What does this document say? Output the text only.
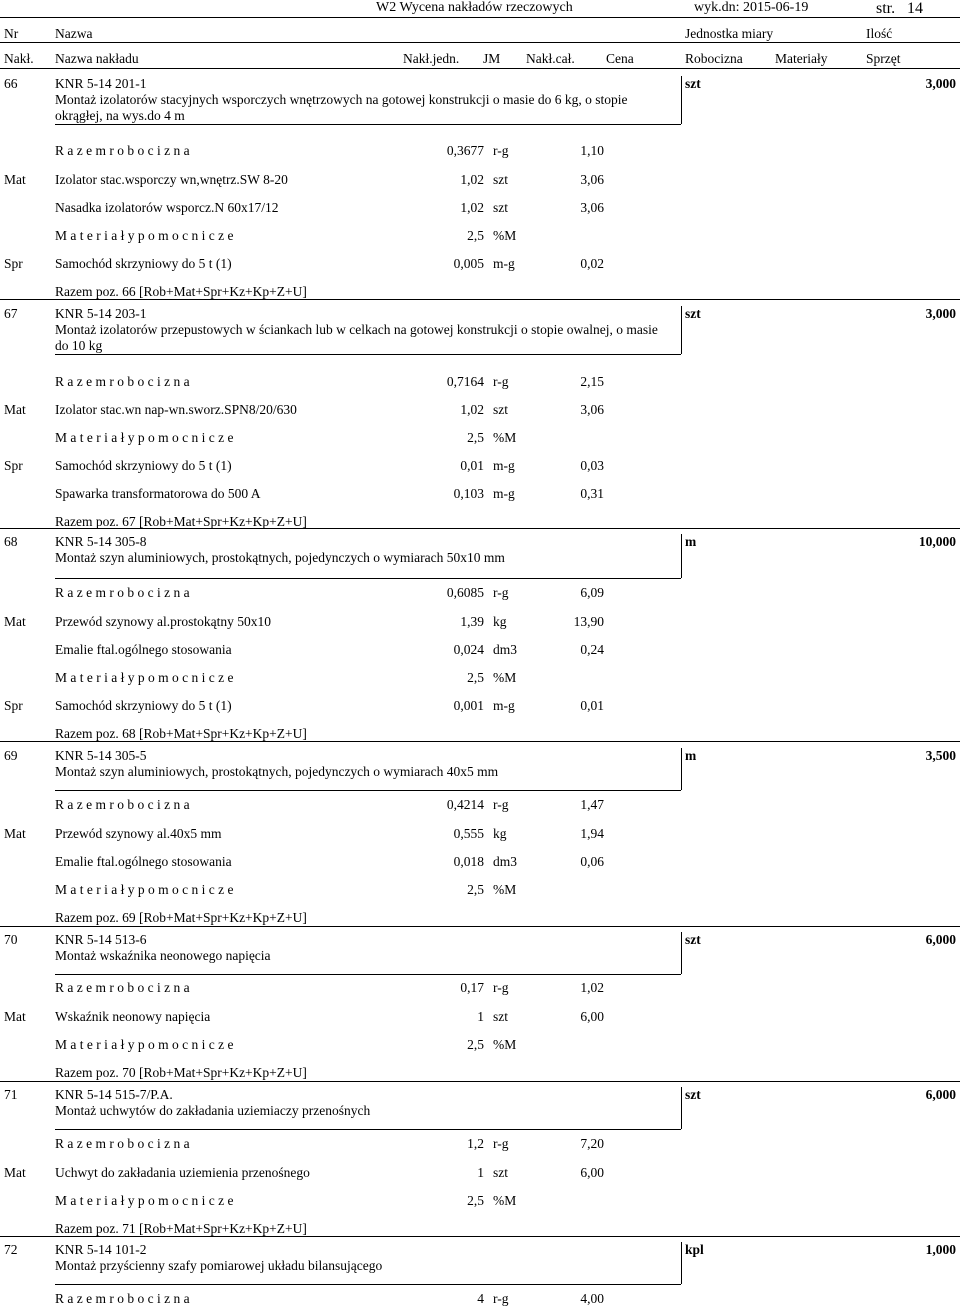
W2 Wycena nakładów rzeczowych	wyk.dn: 2015-06-19	str. 14
Nr	Nazwa	Jednostka miary	Ilość
Nakł. Nazwa nakładu	Nakł.jedn. JM Nakł.cał. Cena	Robocizna Materiały	Sprzęt
66	KNR 5-14 201-1	szt	3,000
Montaż izolatorów stacyjnych wsporczych wnętrzowych na gotowej konstrukcji o masie do 6 kg, o stopie
okrągłej, na wys.do 4 m
R a z e m r o b o c i z n a	0,3677 r-g	1,10
Mat Izolator stac.wsporczy wn,wnętrz.SW 8-20	1,02 szt	3,06
Nasadka izolatorów wsporcz.N 60x17/12	1,02 szt	3,06
M a t e r i a ł y p o m o c n i c z e	2,5 %M
Spr Samochód skrzyniowy do 5 t (1)	0,005 m-g	0,02
Razem poz. 66 [Rob+Mat+Spr+Kz+Kp+Z+U]
67	KNR 5-14 203-1	szt	3,000
Montaż izolatorów przepustowych w ściankach lub w celkach na gotowej konstrukcji o stopie owalnej, o masie
do 10 kg
R a z e m r o b o c i z n a	0,7164 r-g	2,15
Mat Izolator stac.wn nap-wn.sworz.SPN8/20/630	1,02 szt	3,06
M a t e r i a ł y p o m o c n i c z e	2,5 %M
Spr Samochód skrzyniowy do 5 t (1)	0,01 m-g	0,03
Spawarka transformatorowa do 500 A	0,103 m-g	0,31
Razem poz. 67 [Rob+Mat+Spr+Kz+Kp+Z+U]
68	KNR 5-14 305-8	m	10,000
Montaż szyn aluminiowych, prostokątnych, pojedynczych o wymiarach 50x10 mm
R a z e m r o b o c i z n a	0,6085 r-g	6,09
Mat Przewód szynowy al.prostokątny 50x10	1,39 kg	13,90
Emalie ftal.ogólnego stosowania	0,024 dm3	0,24
M a t e r i a ł y p o m o c n i c z e	2,5 %M
Spr Samochód skrzyniowy do 5 t (1)	0,001 m-g	0,01
Razem poz. 68 [Rob+Mat+Spr+Kz+Kp+Z+U]
69	KNR 5-14 305-5	m	3,500
Montaż szyn aluminiowych, prostokątnych, pojedynczych o wymiarach 40x5 mm
R a z e m r o b o c i z n a	0,4214 r-g	1,47
Mat Przewód szynowy al.40x5 mm	0,555 kg	1,94
Emalie ftal.ogólnego stosowania	0,018 dm3	0,06
M a t e r i a ł y p o m o c n i c z e	2,5 %M
Razem poz. 69 [Rob+Mat+Spr+Kz+Kp+Z+U]
70	KNR 5-14 513-6	szt	6,000
Montaż wskaźnika neonowego napięcia
R a z e m r o b o c i z n a	0,17 r-g	1,02
Mat Wskaźnik neonowy napięcia	1 szt	6,00
M a t e r i a ł y p o m o c n i c z e	2,5 %M
Razem poz. 70 [Rob+Mat+Spr+Kz+Kp+Z+U]
71	KNR 5-14 515-7/P.A.	szt	6,000
Montaż uchwytów do zakładania uziemiaczy przenośnych
R a z e m r o b o c i z n a	1,2 r-g	7,20
Mat Uchwyt do zakładania uziemienia przenośnego	1 szt	6,00
M a t e r i a ł y p o m o c n i c z e	2,5 %M
Razem poz. 71 [Rob+Mat+Spr+Kz+Kp+Z+U]
72	KNR 5-14 101-2	kpl	1,000
Montaż przyścienny szafy pomiarowej układu bilansującego
R a z e m r o b o c i z n a	4 r-g	4,00
